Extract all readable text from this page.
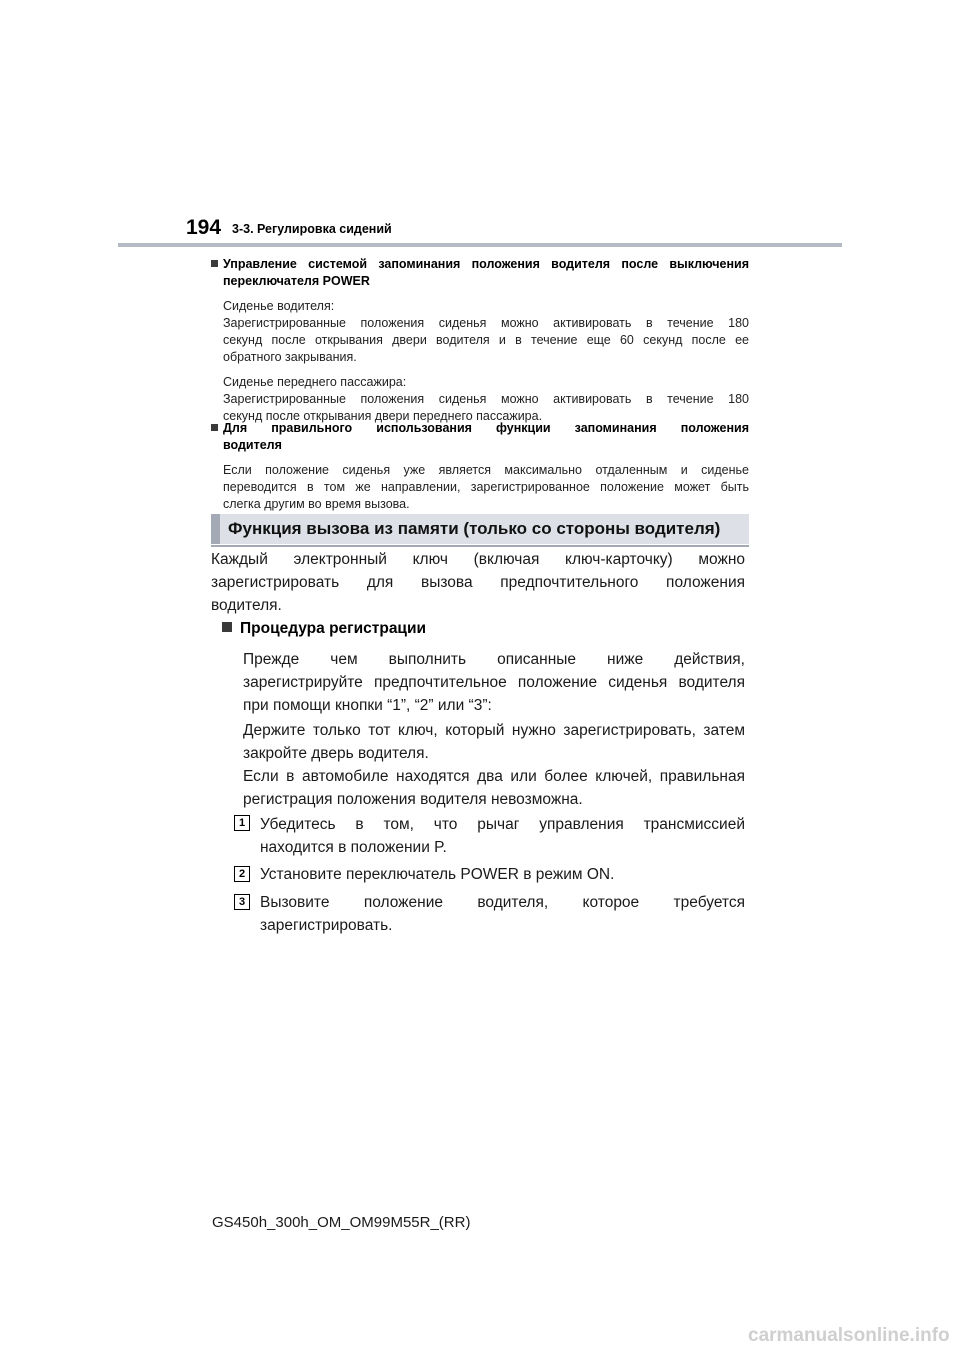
194 3-3. Регулировка сидений
Управление системой запоминания положения водителя после выключения
переключателя POWER
Сиденье водителя:
Зарегистрированные положения сиденья можно активировать в течение 180
секунд после открывания двери водителя и в течение еще 60 секунд после ее
обратного закрывания.
Сиденье переднего пассажира:
Зарегистрированные положения сиденья можно активировать в течение 180
секунд после открывания двери переднего пассажира.
Для правильного использования функции запоминания положения
водителя
Если положение сиденья уже является максимально отдаленным и сиденье
переводится в том же направлении, зарегистрированное положение может быть
слегка другим во время вызова.
Функция вызова из памяти (только со стороны водителя)
Каждый электронный ключ (включая ключ-карточку) можно
зарегистрировать для вызова предпочтительного положения
водителя.
Процедура регистрации
Прежде чем выполнить описанные ниже действия,
зарегистрируйте предпочтительное положение сиденья водителя
при помощи кнопки “1”, “2” или “3”:
Держите только тот ключ, который нужно зарегистрировать, затем
закройте дверь водителя.
Если в автомобиле находятся два или более ключей, правильная
регистрация положения водителя невозможна.
1 Убедитесь в том, что рычаг управления трансмиссией
находится в положении P.
2 Установите переключатель POWER в режим ON.
3 Вызовите положение водителя, которое требуется
зарегистрировать.
GS450h_300h_OM_OM99M55R_(RR)
carmanualsonline.info
